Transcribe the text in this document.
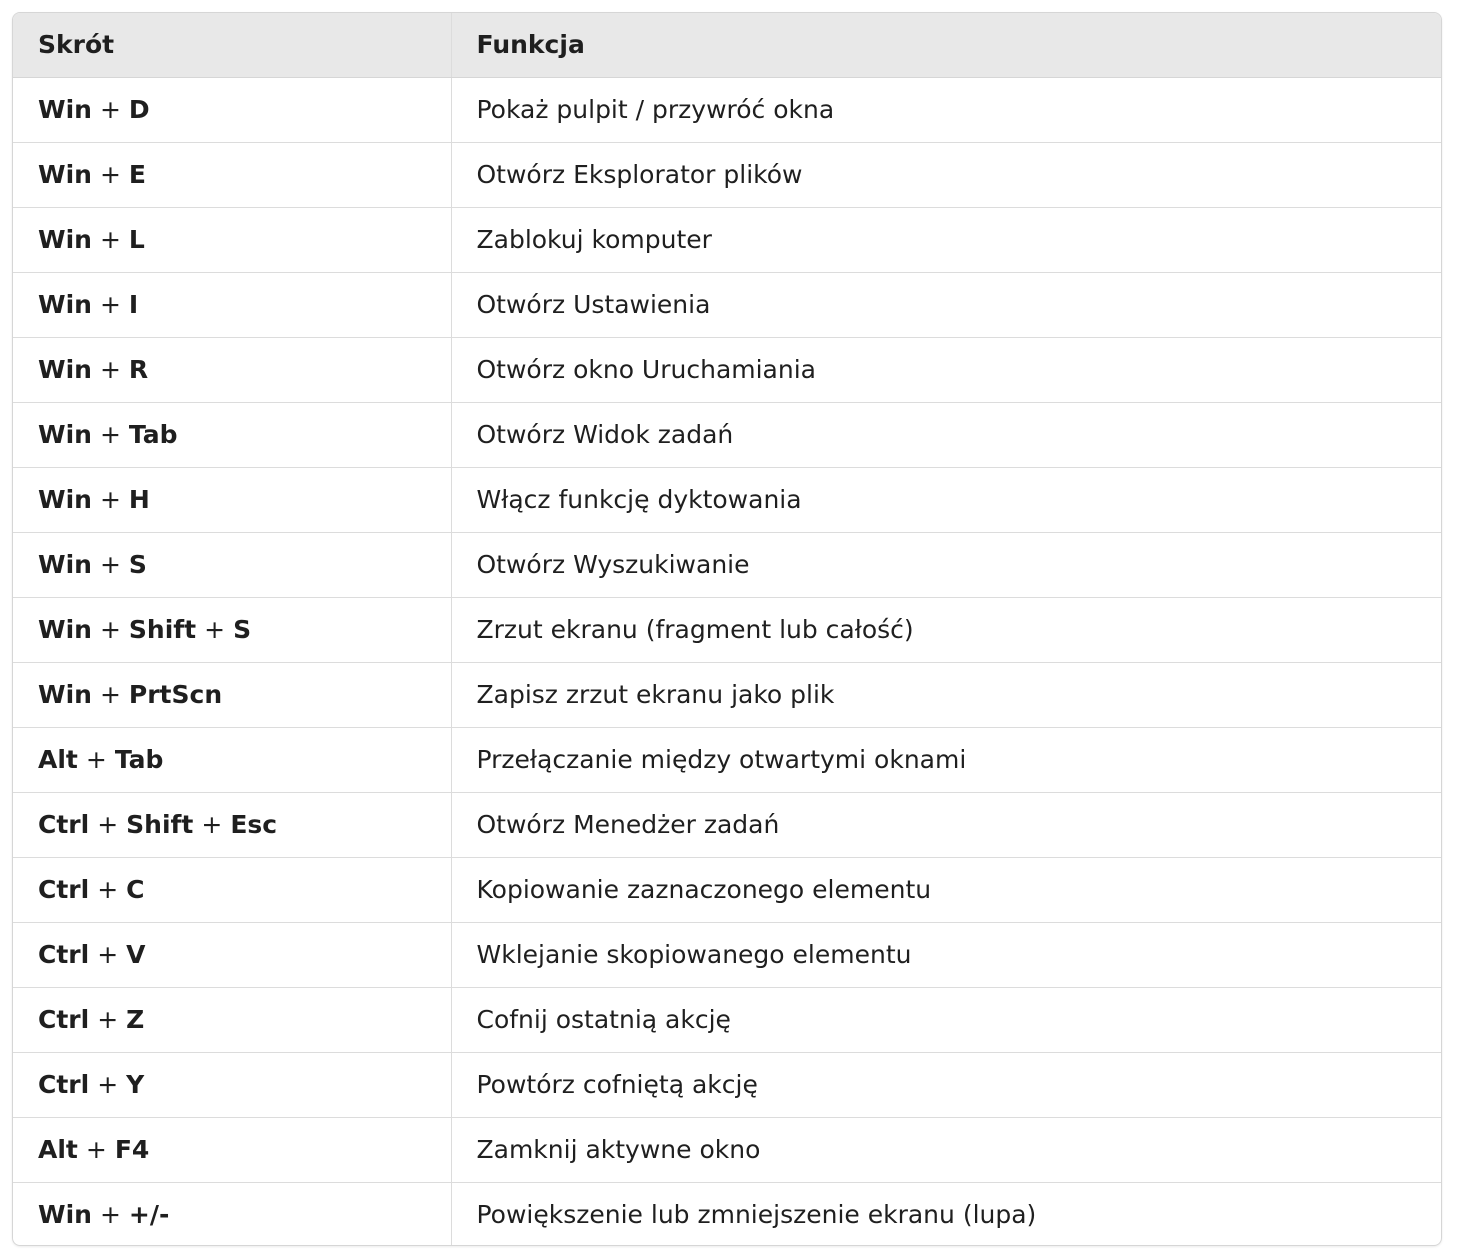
Skrót	Funkcja
Win + D	Pokaż pulpit / przywróć okna
Win + E	Otwórz Eksplorator plików
Win + L	Zablokuj komputer
Win + I	Otwórz Ustawienia
Win + R	Otwórz okno Uruchamiania
Win + Tab	Otwórz Widok zadań
Win + H	Włącz funkcję dyktowania
Win + S	Otwórz Wyszukiwanie
Win + Shift + S	Zrzut ekranu (fragment lub całość)
Win + PrtScn	Zapisz zrzut ekranu jako plik
Alt + Tab	Przełączanie między otwartymi oknami
Ctrl + Shift + Esc	Otwórz Menedżer zadań
Ctrl + C	Kopiowanie zaznaczonego elementu
Ctrl + V	Wklejanie skopiowanego elementu
Ctrl + Z	Cofnij ostatnią akcję
Ctrl + Y	Powtórz cofniętą akcję
Alt + F4	Zamknij aktywne okno
Win + +/-	Powiększenie lub zmniejszenie ekranu (lupa)
